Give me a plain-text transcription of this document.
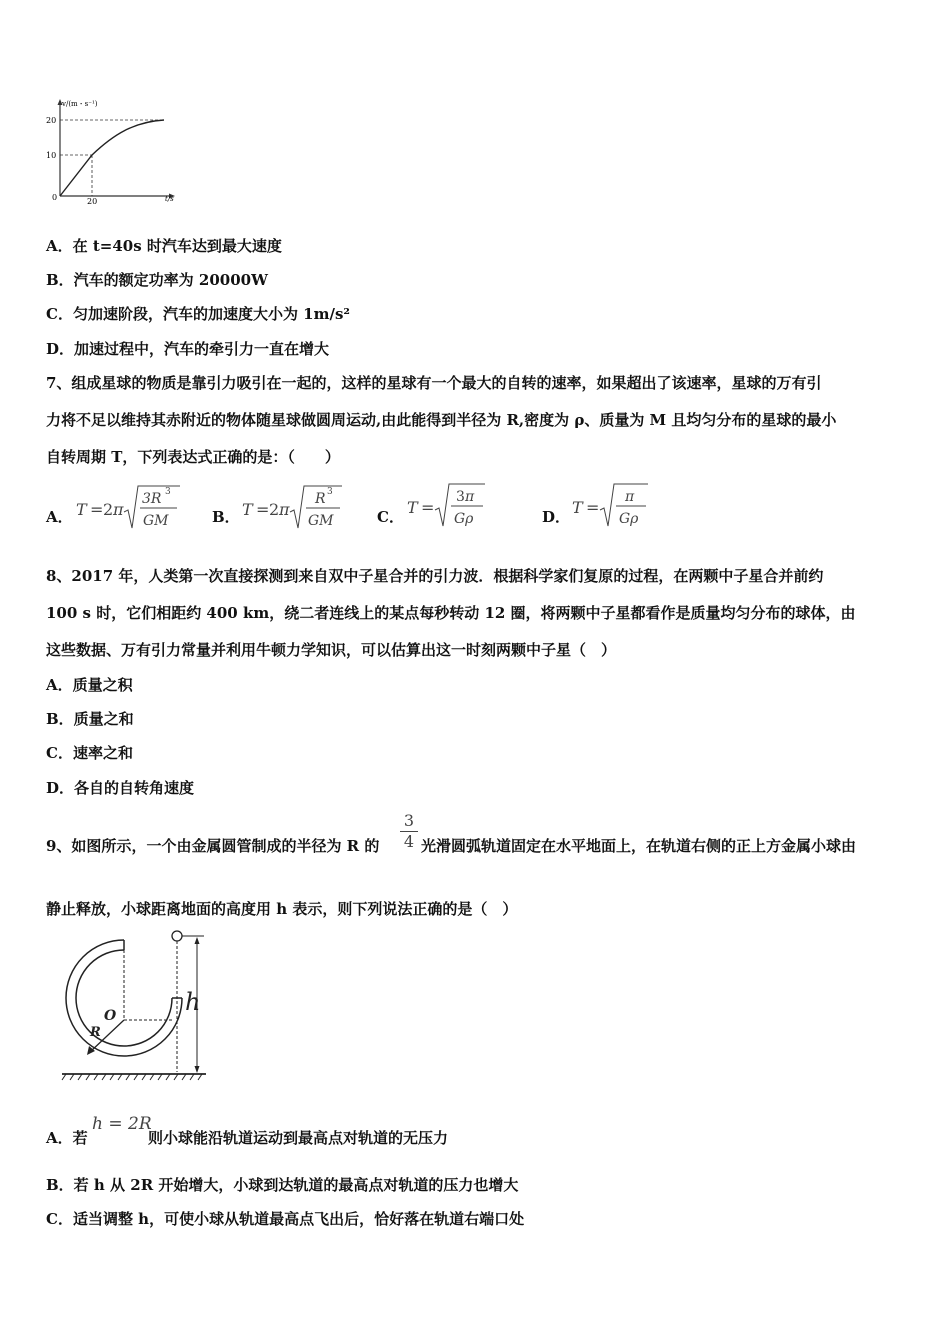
v/(m・s⁻¹)
t/s
20
10
0	20
A．在 t=40s 时汽车达到最大速度
B．汽车的额定功率为 20000W
C．匀加速阶段，汽车的加速度大小为 1m/s²
D．加速过程中，汽车的牵引力一直在增大
7、组成星球的物质是靠引力吸引在一起的，这样的星球有一个最大的自转的速率，如果超出了该速率，星球的万有引
力将不足以维持其赤附近的物体随星球做圆周运动,由此能得到半径为 R,密度为 ρ、质量为 M 且均匀分布的星球的最小
自转周期 T，下列表达式正确的是：（　　）
A． T = 2 π
3R 3
GM	B． T = 2 π
R 3
GM	C． T =
3 π
Gρ	D． T =
π
Gρ
8、2017 年，人类第一次直接探测到来自双中子星合并的引力波．根据科学家们复原的过程，在两颗中子星合并前约
100 s 时，它们相距约 400 km，绕二者连线上的某点每秒转动 12 圈，将两颗中子星都看作是质量均匀分布的球体，由
这些数据、万有引力常量并利用牛顿力学知识，可以估算出这一时刻两颗中子星（　）
A．质量之积
B．质量之和
C．速率之和
D．各自的自转角速度
9、如图所示，一个由金属圆管制成的半径为 R 的 $\frac{3}{4}$ 光滑圆弧轨道固定在水平地面上，在轨道右侧的正上方金属小球由
静止释放，小球距离地面的高度用 h 表示，则下列说法正确的是（　）
O
R
h
A．若
h = 2R
则小球能沿轨道运动到最高点对轨道的无压力
B．若 h 从 2R 开始增大，小球到达轨道的最高点对轨道的压力也增大
C．适当调整 h，可使小球从轨道最高点飞出后，恰好落在轨道右端口处
